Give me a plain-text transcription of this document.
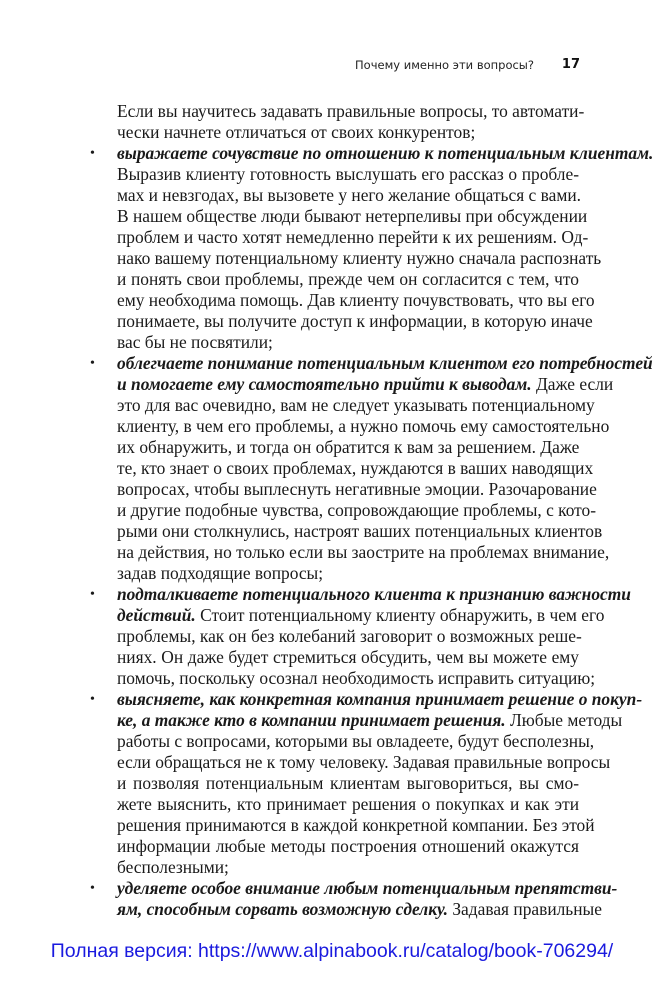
Почему именно эти вопросы? 17
Если вы научитесь задавать правильные вопросы, то автомати-
чески начнете отличаться от своих конкурентов;
• выражаете сочувствие по отношению к потенциальным клиентам.
Выразив клиенту готовность выслушать его рассказ о пробле-
мах и невзгодах, вы вызовете у него желание общаться с вами.
В нашем обществе люди бывают нетерпеливы при обсуждении
проблем и часто хотят немедленно перейти к их решениям. Од-
нако вашему потенциальному клиенту нужно сначала распознать
и понять свои проблемы, прежде чем он согласится с тем, что
ему необходима помощь. Дав клиенту почувствовать, что вы его
понимаете, вы получите доступ к информации, в которую иначе
вас бы не посвятили;
• облегчаете понимание потенциальным клиентом его потребностей
и помогаете ему самостоятельно прийти к выводам. Даже если
это для вас очевидно, вам не следует указывать потенциальному
клиенту, в чем его проблемы, а нужно помочь ему самостоятельно
их обнаружить, и тогда он обратится к вам за решением. Даже
те, кто знает о своих проблемах, нуждаются в ваших наводящих
вопросах, чтобы выплеснуть негативные эмоции. Разочарование
и другие подобные чувства, сопровождающие проблемы, с кото-
рыми они столкнулись, настроят ваших потенциальных клиентов
на действия, но только если вы заострите на проблемах внимание,
задав подходящие вопросы;
• подталкиваете потенциального клиента к признанию важности
действий. Стоит потенциальному клиенту обнаружить, в чем его
проблемы, как он без колебаний заговорит о возможных реше-
ниях. Он даже будет стремиться обсудить, чем вы можете ему
помочь, поскольку осознал необходимость исправить ситуацию;
• выясняете, как конкретная компания принимает решение о покуп-
ке, а также кто в компании принимает решения. Любые методы
работы с вопросами, которыми вы овладеете, будут бесполезны,
если обращаться не к тому человеку. Задавая правильные вопросы
и позволяя потенциальным клиентам выговориться, вы смо-
жете выяснить, кто принимает решения о покупках и как эти
решения принимаются в каждой конкретной компании. Без этой
информации любые методы построения отношений окажутся
бесполезными;
• уделяете особое внимание любым потенциальным препятстви-
ям, способным сорвать возможную сделку. Задавая правильные
Полная версия: https://www.alpinabook.ru/catalog/book-706294/
